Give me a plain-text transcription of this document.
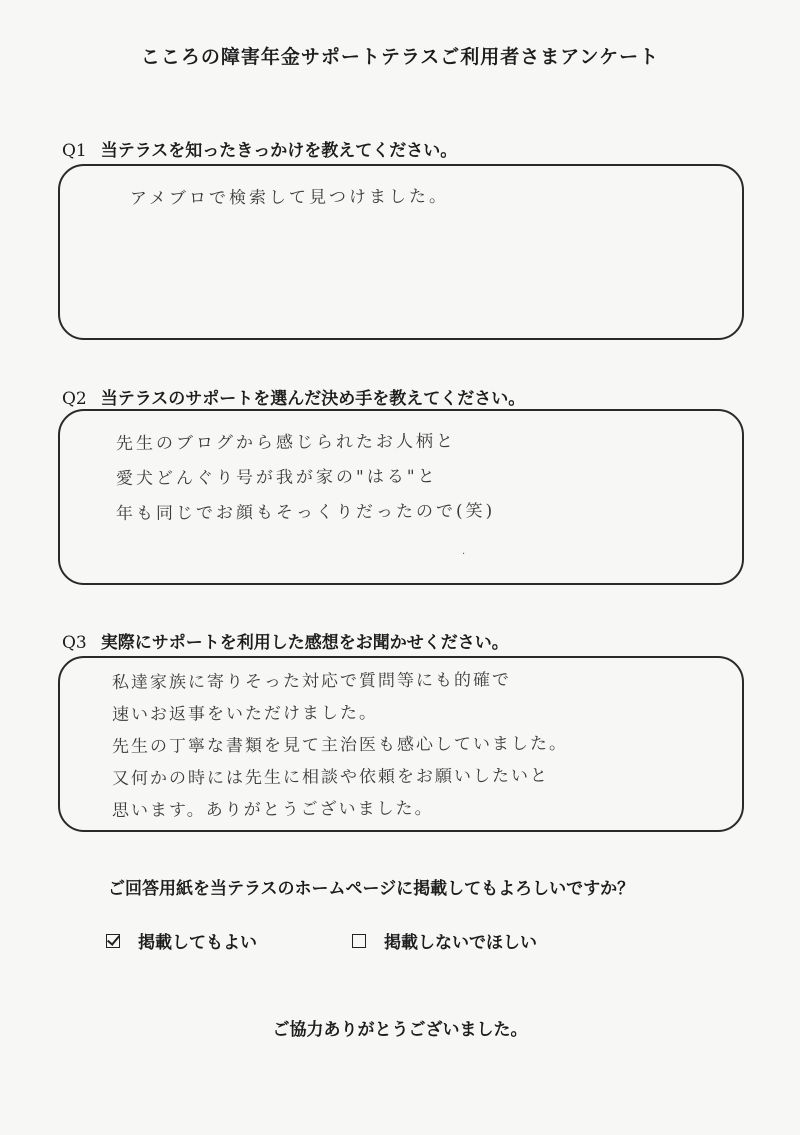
こころの障害年金サポートテラスご利用者さまアンケート
Q1 当テラスを知ったきっかけを教えてください。
アメブロで検索して見つけました。
Q2 当テラスのサポートを選んだ決め手を教えてください。
先生のブログから感じられたお人柄と
愛犬どんぐり号が我が家の"はる"と
年も同じでお顔もそっくりだったので(笑)
·
Q3 実際にサポートを利用した感想をお聞かせください。
私達家族に寄りそった対応で質問等にも的確で
速いお返事をいただけました。
先生の丁寧な書類を見て主治医も感心していました。
又何かの時には先生に相談や依頼をお願いしたいと
思います。ありがとうございました。
ご回答用紙を当テラスのホームページに掲載してもよろしいですか？
掲載してもよい	掲載しないでほしい
ご協力ありがとうございました。
